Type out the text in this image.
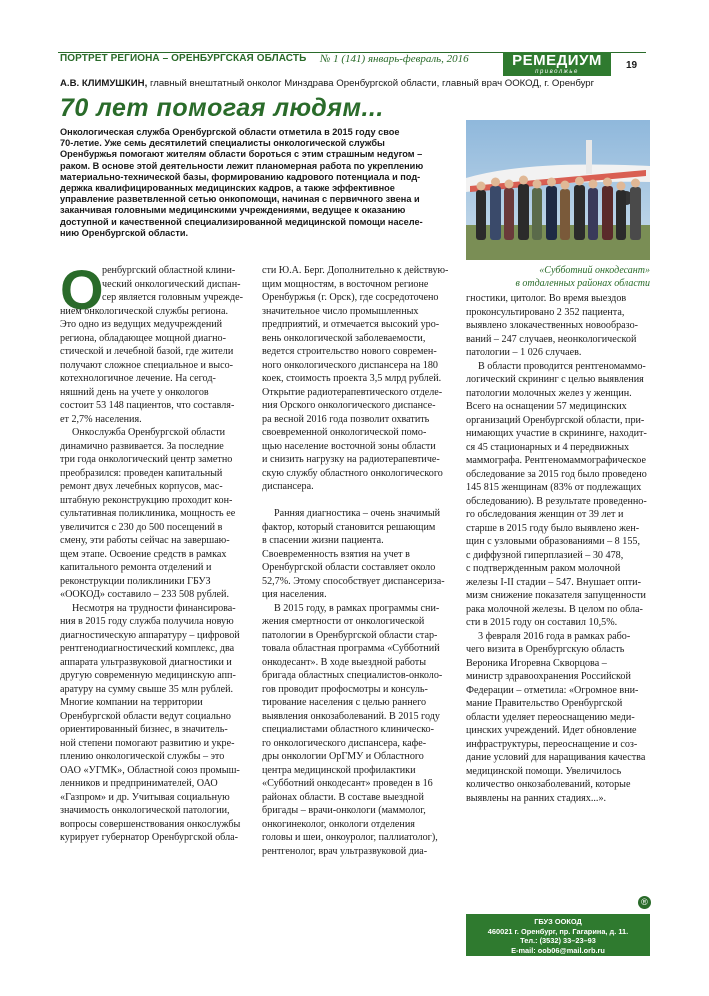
ПОРТРЕТ РЕГИОНА – ОРЕНБУРГСКАЯ ОБЛАСТЬ № 1 (141) январь-февраль, 2016	РЕМЕДИУМ
приволжье
19
А.В. КЛИМУШКИН, главный внештатный онколог Минздрава Оренбургской области, главный врач ООКОД, г. Оренбург
70 лет помогая людям...
Онкологическая служба Оренбургской области отметила в 2015 году свое
70-летие. Уже семь десятилетий специалисты онкологической службы
Оренбуржья помогают жителям области бороться с этим страшным недугом –
раком. В основе этой деятельности лежит планомерная работа по укреплению
материально-технической базы, формированию кадрового потенциала и под-
держка квалифицированных медицинских кадров, а также эффективное
управление разветвленной сетью онкопомощи, начиная с первичного звена и
заканчивая головными медицинскими учреждениями, ведущее к оказанию
доступной и качественной специализированной медицинской помощи населе-
нию Оренбургской области.
«Субботний онкодесант»
в отдаленных районах области
О
ренбургский областной клини-
ческий онкологический диспан-
сер является головным учрежде-
нием онкологической службы региона.
Это одно из ведущих медучреждений
региона, обладающее мощной диагно-
стической и лечебной базой, где жители
получают сложное специальное и высо-
котехнологичное лечение. На сегод-
няшний день на учете у онкологов
состоит 53 148 пациентов, что составля-
ет 2,7% населения.
Онкослужба Оренбургской области
динамично развивается. За последние
три года онкологический центр заметно
преобразился: проведен капитальный
ремонт двух лечебных корпусов, мас-
штабную реконструкцию проходит кон-
сультативная поликлиника, мощность ее
увеличится с 230 до 500 посещений в
смену, эти работы сейчас на завершаю-
щем этапе. Освоение средств в рамках
капитального ремонта отделений и
реконструкции поликлиники ГБУЗ
«ООКОД» составило – 233 508 рублей.
Несмотря на трудности финансирова-
ния в 2015 году служба получила новую
диагностическую аппаратуру – цифровой
рентгенодиагностический комплекс, два
аппарата ультразвуковой диагностики и
другую современную медицинскую апп-
аратуру на сумму свыше 35 млн рублей.
Многие компании на территории
Оренбургской области ведут социально
ориентированный бизнес, в значитель-
ной степени помогают развитию и укре-
плению онкологической службы – это
ОАО «УГМК», Областной союз промыш-
ленников и предпринимателей, ОАО
«Газпром» и др. Учитывая социальную
значимость онкологической патологии,
вопросы совершенствования онкослужбы
курирует губернатор Оренбургской обла-
сти Ю.А. Берг. Дополнительно к действую-
щим мощностям, в восточном регионе
Оренбуржья (г. Орск), где сосредоточено
значительное число промышленных
предприятий, и отмечается высокий уро-
вень онкологической заболеваемости,
ведется строительство нового современ-
ного онкологического диспансера на 180
коек, стоимость проекта 3,5 млрд рублей.
Открытие радиотерапевтического отделе-
ния Орского онкологического диспансе-
ра весной 2016 года позволит охватить
своевременной онкологической помо-
щью население восточной зоны области
и снизить нагрузку на радиотерапевтиче-
скую службу областного онкологического
диспансера.
Ранняя диагностика – очень значимый
фактор, который становится решающим
в спасении жизни пациента.
Своевременность взятия на учет в
Оренбургской области составляет около
52,7%. Этому способствует диспансериза-
ция населения.
В 2015 году, в рамках программы сни-
жения смертности от онкологической
патологии в Оренбургской области стар-
товала областная программа «Субботний
онкодесант». В ходе выездной работы
бригада областных специалистов-онколо-
гов проводит профосмотры и консуль-
тирование населения с целью раннего
выявления онкозаболеваний. В 2015 году
специалистами областного клиническо-
го онкологического диспансера, кафе-
дры онкологии ОрГМУ и Областного
центра медицинской профилактики
«Субботний онкодесант» проведен в 16
районах области. В составе выездной
бригады – врачи-онкологи (маммолог,
онкогинеколог, онкологи отделения
головы и шеи, онкоуролог, паллиатолог),
рентгенолог, врач ультразвуковой диа-
гностики, цитолог. Во время выездов
проконсультировано 2 352 пациента,
выявлено злокачественных новообразо-
ваний – 247 случаев, неонкологической
патологии – 1 026 случаев.
В области проводится рентгеномаммо-
логический скрининг с целью выявления
патологии молочных желез у женщин.
Всего на оснащении 57 медицинских
организаций Оренбургской области, при-
нимающих участие в скрининге, находит-
ся 45 стационарных и 4 передвижных
маммографа. Рентгеномаммографическое
обследование за 2015 год было проведено
145 815 женщинам (83% от подлежащих
обследованию). В результате проведенно-
го обследования женщин от 39 лет и
старше в 2015 году было выявлено жен-
щин с узловыми образованиями – 8 155,
с диффузной гиперплазией – 30 478,
с подтвержденным раком молочной
железы I-II стадии – 547. Внушает опти-
мизм снижение показателя запущенности
рака молочной железы. В целом по обла-
сти в 2015 году он составил 10,5%.
3 февраля 2016 года в рамках рабо-
чего визита в Оренбургскую область
Вероника Игоревна Скворцова –
министр здравоохранения Российской
Федерации – отметила: «Огромное вни-
мание Правительство Оренбургской
области уделяет переоснащению меди-
цинских учреждений. Идет обновление
инфраструктуры, переоснащение и соз-
дание условий для наращивания качества
медицинской помощи. Увеличилось
количество онкозаболеваний, которые
выявлены на ранних стадиях...».
®
ГБУЗ ООКОД
460021 г. Оренбург, пр. Гагарина, д. 11.
Тел.: (3532) 33–23–93
E-mail: oob06@mail.orb.ru
